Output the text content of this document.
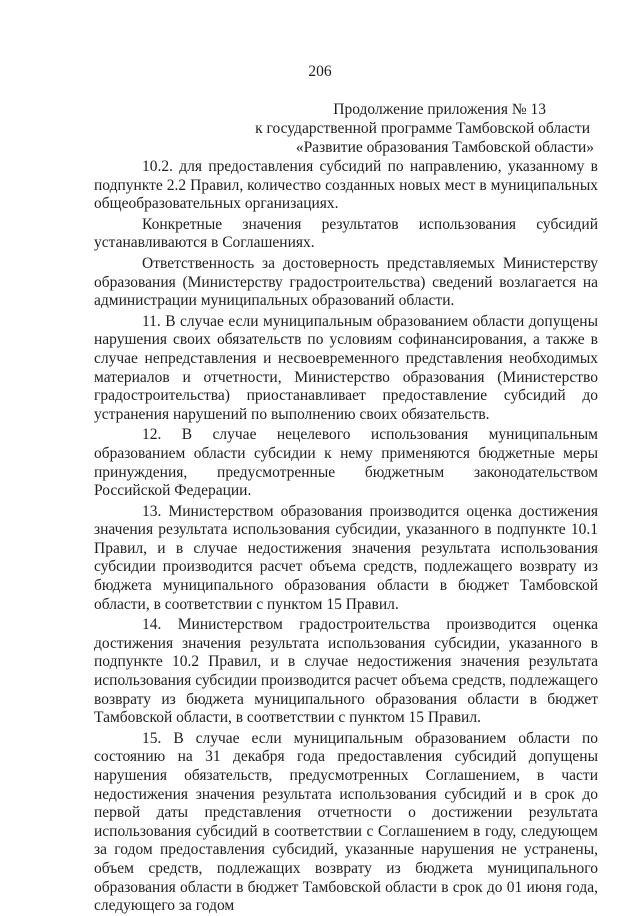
206
Продолжение приложения № 13
к государственной программе Тамбовской области
«Развитие образования Тамбовской области»

10.2. для предоставления субсидий по направлению, указанному в подпункте 2.2 Правил, количество созданных новых мест в муниципальных общеобразовательных организациях.

Конкретные значения результатов использования субсидий устанавливаются в Соглашениях.

Ответственность за достоверность представляемых Министерству образования (Министерству градостроительства) сведений возлагается на администрации муниципальных образований области.

11. В случае если муниципальным образованием области допущены нарушения своих обязательств по условиям софинансирования, а также в случае непредставления и несвоевременного представления необходимых материалов и отчетности, Министерство образования (Министерство градостроительства) приостанавливает предоставление субсидий до устранения нарушений по выполнению своих обязательств.

12. В случае нецелевого использования муниципальным образованием области субсидии к нему применяются бюджетные меры принуждения, предусмотренные бюджетным законодательством Российской Федерации.

13. Министерством образования производится оценка достижения значения результата использования субсидии, указанного в подпункте 10.1 Правил, и в случае недостижения значения результата использования субсидии производится расчет объема средств, подлежащего возврату из бюджета муниципального образования области в бюджет Тамбовской области, в соответствии с пунктом 15 Правил.

14. Министерством градостроительства производится оценка достижения значения результата использования субсидии, указанного в подпункте 10.2 Правил, и в случае недостижения значения результата использования субсидии производится расчет объема средств, подлежащего возврату из бюджета муниципального образования области в бюджет Тамбовской области, в соответствии с пунктом 15 Правил.

15. В случае если муниципальным образованием области по состоянию на 31 декабря года предоставления субсидий допущены нарушения обязательств, предусмотренных Соглашением, в части недостижения значения результата использования субсидий и в срок до первой даты представления отчетности о достижении результата использования субсидий в соответствии с Соглашением в году, следующем за годом предоставления субсидий, указанные нарушения не устранены, объем средств, подлежащих возврату из бюджета муниципального образования области в бюджет Тамбовской области в срок до 01 июня года, следующего за годом
